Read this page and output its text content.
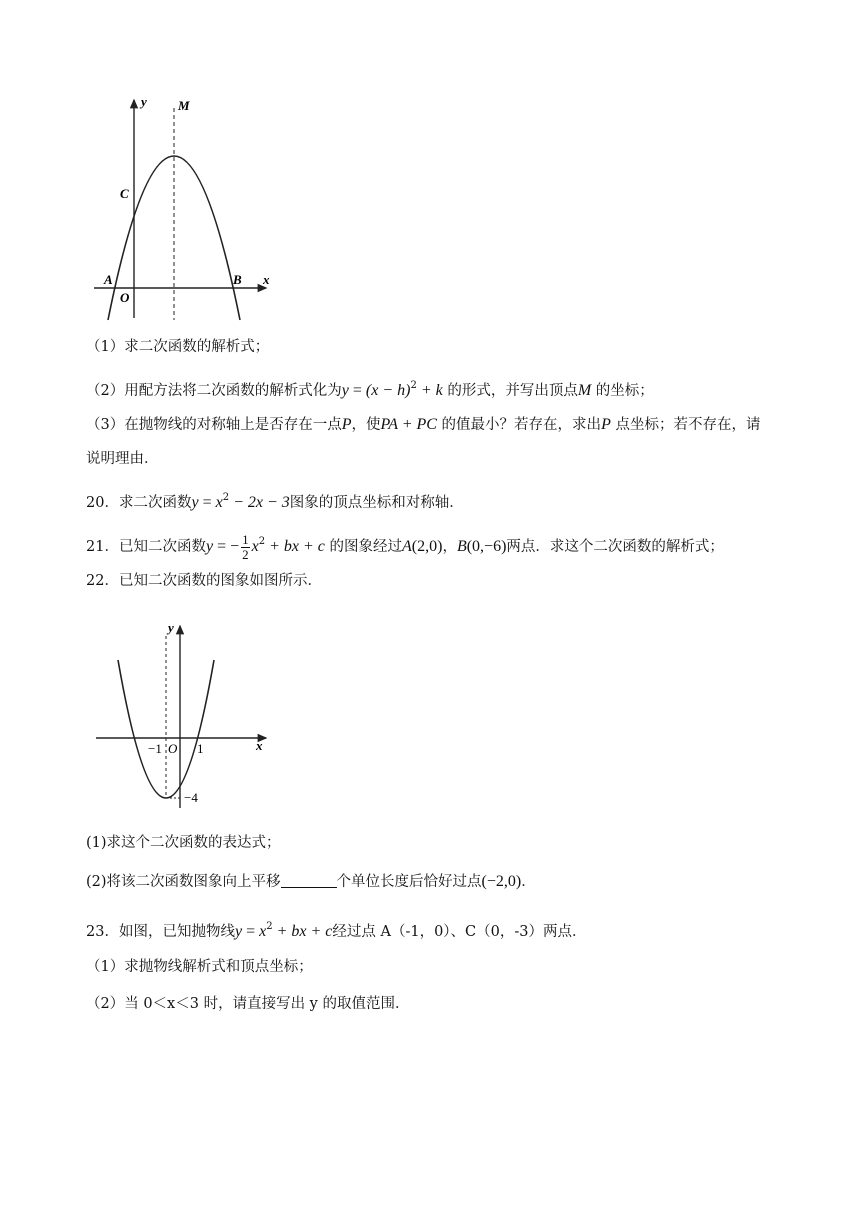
y M
C
A	B x
O
（1）求二次函数的解析式；
（2）用配方法将二次函数的解析式化为$y = (x - h)^2 + k$ 的形式，并写出顶点M 的坐标；
（3）在抛物线的对称轴上是否存在一点P，使PA + PC 的值最小？若存在，求出P 点坐标；若不存在，请
说明理由．
20．求二次函数$y = x^2 - 2x - 3$图象的顶点坐标和对称轴．
21．已知二次函数y = − $\frac{1}{2} x^2$ + bx + c 的图象经过A(2,0)，B(0,−6)两点．求这个二次函数的解析式；
22．已知二次函数的图象如图所示．
y
x
−1 O 1
−4
(1)求这个二次函数的表达式；
(2)将该二次函数图象向上平移	个单位长度后恰好过点(−2,0)．
23．如图，已知抛物线$y = x^2$ + bx + c经过点 A（-1，0）、C（0，-3）两点．
（1）求抛物线解析式和顶点坐标；
（2）当 0＜x＜3 时，请直接写出 y 的取值范围．
